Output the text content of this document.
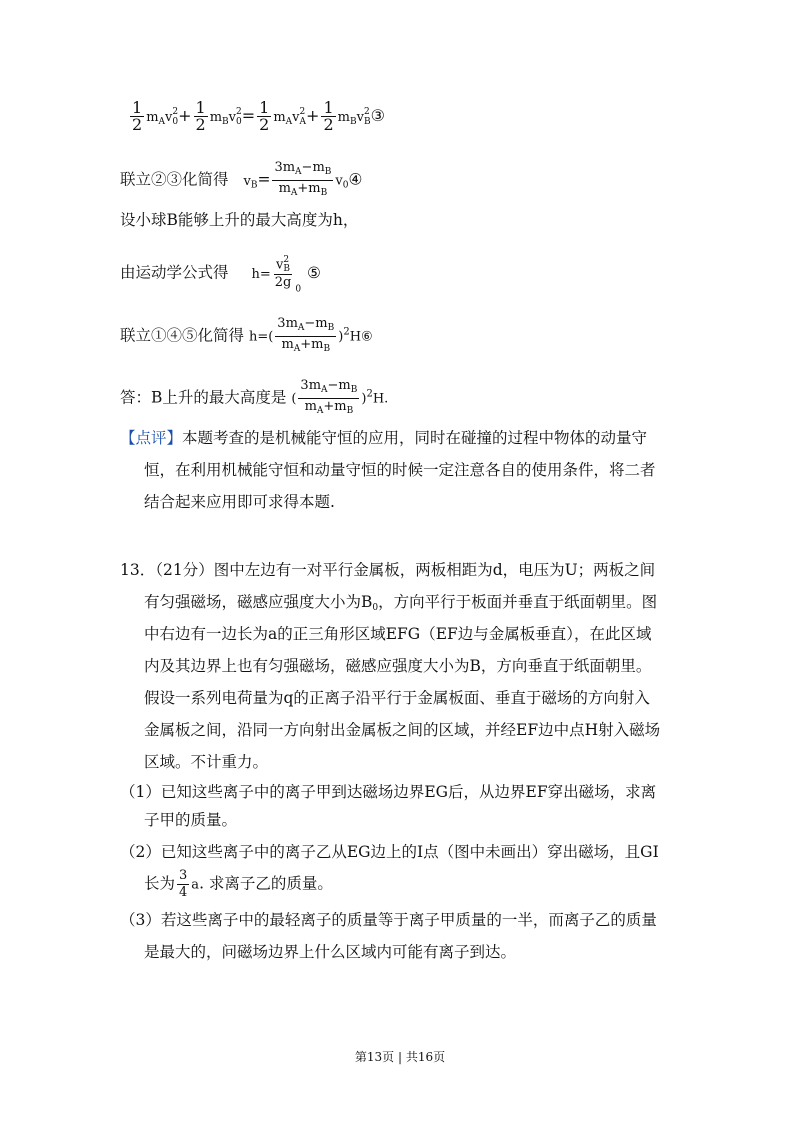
$\frac{1}{2} m_Av$ 2
$0 + \frac{1}{2} m_Bv$ 2
$0 = \frac{1}{2} m_Av$ 2
$A + \frac{1}{2} m_Bv$ 2
B ③
联立②③化简得 $v_B= \frac{3m_A-m_B}{m_A+m_B}$ $v_0④$
设小球B能够上升的最大高度为h，
由运动学公式得 h= v 2
B
2g $_0$⑤
联立①④⑤化简得 $h=( \frac{3m_A-m_B}{m_A+m_B}$ )$^2H⑥$
答：B上升的最大高度是 ( $\frac{3m_A-m_B}{m_A+m_B} )^2H$.
【点评】本题考查的是机械能守恒的应用，同时在碰撞的过程中物体的动量守
恒，在利用机械能守恒和动量守恒的时候一定注意各自的使用条件，将二者
结合起来应用即可求得本题.
13．（21分）图中左边有一对平行金属板，两板相距为d，电压为U；两板之间
有匀强磁场，磁感应强度大小为$B_0$，方向平行于板面并垂直于纸面朝里。图
中右边有一边长为a的正三角形区域EFG（EF边与金属板垂直），在此区域
内及其边界上也有匀强磁场，磁感应强度大小为B，方向垂直于纸面朝里。
假设一系列电荷量为q的正离子沿平行于金属板面、垂直于磁场的方向射入
金属板之间，沿同一方向射出金属板之间的区域，并经EF边中点H射入磁场
区域。不计重力。
（1）已知这些离子中的离子甲到达磁场边界EG后，从边界EF穿出磁场，求离
子甲的质量。
（2）已知这些离子中的离子乙从EG边上的I点（图中未画出）穿出磁场，且GI
长为 $\frac{3}{4} a$. 求离子乙的质量。
（3）若这些离子中的最轻离子的质量等于离子甲质量的一半，而离子乙的质量
是最大的，问磁场边界上什么区域内可能有离子到达。
第13页 | 共16页
